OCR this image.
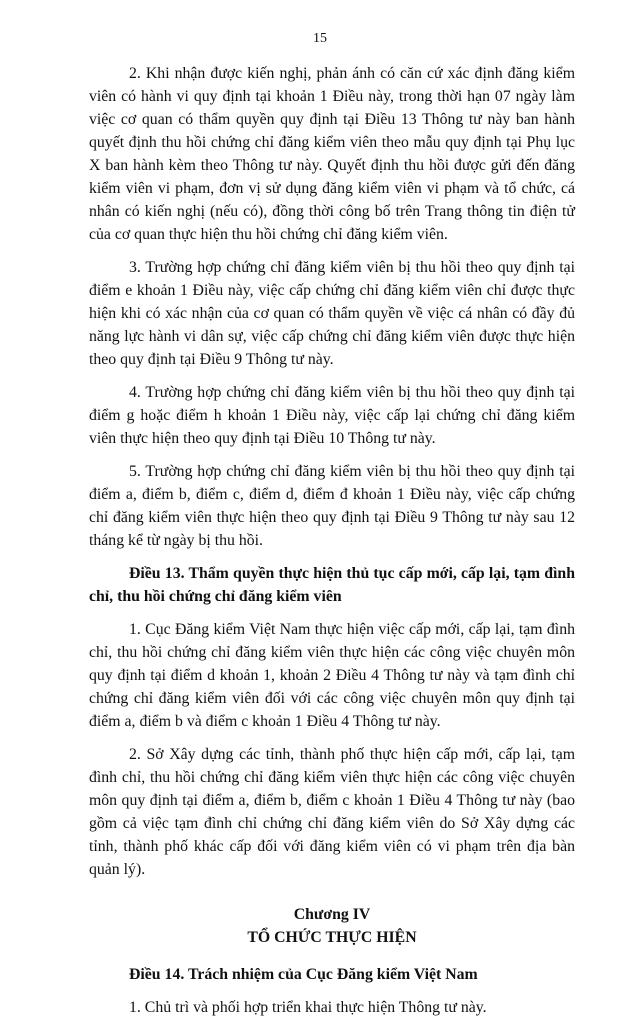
15

2. Khi nhận được kiến nghị, phản ánh có căn cứ xác định đăng kiểm viên có hành vi quy định tại khoản 1 Điều này, trong thời hạn 07 ngày làm việc cơ quan có thẩm quyền quy định tại Điều 13 Thông tư này ban hành quyết định thu hồi chứng chỉ đăng kiểm viên theo mẫu quy định tại Phụ lục X ban hành kèm theo Thông tư này. Quyết định thu hồi được gửi đến đăng kiểm viên vi phạm, đơn vị sử dụng đăng kiểm viên vi phạm và tổ chức, cá nhân có kiến nghị (nếu có), đồng thời công bố trên Trang thông tin điện tử của cơ quan thực hiện thu hồi chứng chỉ đăng kiểm viên.

3. Trường hợp chứng chỉ đăng kiểm viên bị thu hồi theo quy định tại điểm e khoản 1 Điều này, việc cấp chứng chỉ đăng kiểm viên chỉ được thực hiện khi có xác nhận của cơ quan có thẩm quyền về việc cá nhân có đầy đủ năng lực hành vi dân sự, việc cấp chứng chỉ đăng kiểm viên được thực hiện theo quy định tại Điều 9 Thông tư này.

4. Trường hợp chứng chỉ đăng kiểm viên bị thu hồi theo quy định tại điểm g hoặc điểm h khoản 1 Điều này, việc cấp lại chứng chỉ đăng kiểm viên thực hiện theo quy định tại Điều 10 Thông tư này.

5. Trường hợp chứng chỉ đăng kiểm viên bị thu hồi theo quy định tại điểm a, điểm b, điểm c, điểm d, điểm đ khoản 1 Điều này, việc cấp chứng chỉ đăng kiểm viên thực hiện theo quy định tại Điều 9 Thông tư này sau 12 tháng kể từ ngày bị thu hồi.

Điều 13. Thẩm quyền thực hiện thủ tục cấp mới, cấp lại, tạm đình chỉ, thu hồi chứng chỉ đăng kiểm viên

1. Cục Đăng kiểm Việt Nam thực hiện việc cấp mới, cấp lại, tạm đình chỉ, thu hồi chứng chỉ đăng kiểm viên thực hiện các công việc chuyên môn quy định tại điểm d khoản 1, khoản 2 Điều 4 Thông tư này và tạm đình chỉ chứng chỉ đăng kiểm viên đối với các công việc chuyên môn quy định tại điểm a, điểm b và điểm c khoản 1 Điều 4 Thông tư này.

2. Sở Xây dựng các tỉnh, thành phố thực hiện cấp mới, cấp lại, tạm đình chỉ, thu hồi chứng chỉ đăng kiểm viên thực hiện các công việc chuyên môn quy định tại điểm a, điểm b, điểm c khoản 1 Điều 4 Thông tư này (bao gồm cả việc tạm đình chỉ chứng chỉ đăng kiểm viên do Sở Xây dựng các tỉnh, thành phố khác cấp đối với đăng kiểm viên có vi phạm trên địa bàn quản lý).

Chương IV
TỔ CHỨC THỰC HIỆN

Điều 14. Trách nhiệm của Cục Đăng kiểm Việt Nam

1. Chủ trì và phối hợp triển khai thực hiện Thông tư này.
